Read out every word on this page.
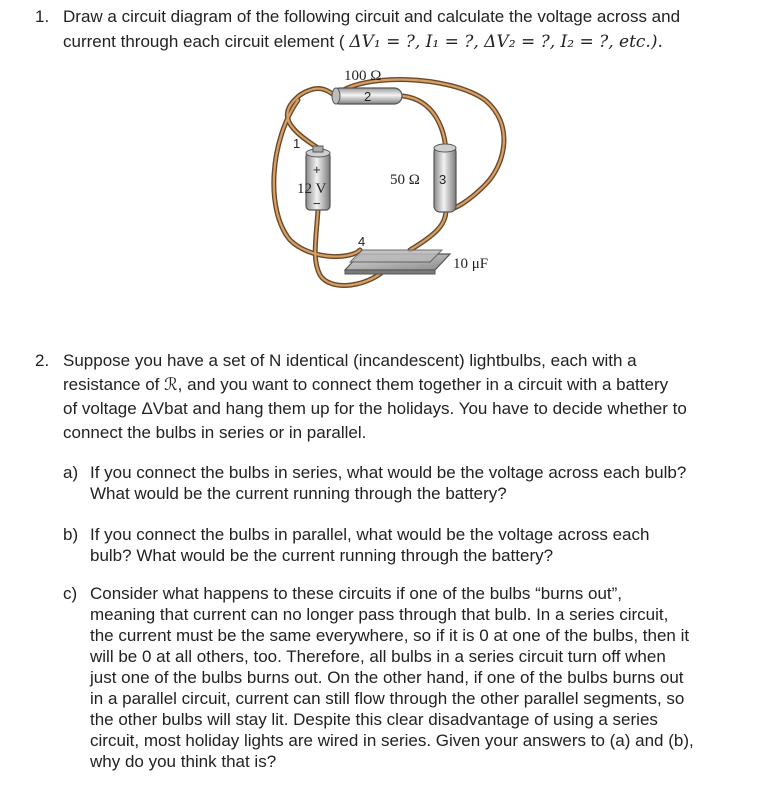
1. Draw a circuit diagram of the following circuit and calculate the voltage across and
current through each circuit element ( ΔV₁ = ?, I₁ = ?, ΔV₂ = ?, I₂ = ?, etc.).
100 Ω
2
1
+
12 V
−
50 Ω 3
4
10 μF
2. Suppose you have a set of N identical (incandescent) lightbulbs, each with a
resistance of ℛ, and you want to connect them together in a circuit with a battery
of voltage ΔVbat and hang them up for the holidays. You have to decide whether to
connect the bulbs in series or in parallel.
a) If you connect the bulbs in series, what would be the voltage across each bulb?
What would be the current running through the battery?
b) If you connect the bulbs in parallel, what would be the voltage across each
bulb? What would be the current running through the battery?
c) Consider what happens to these circuits if one of the bulbs “burns out”,
meaning that current can no longer pass through that bulb. In a series circuit,
the current must be the same everywhere, so if it is 0 at one of the bulbs, then it
will be 0 at all others, too. Therefore, all bulbs in a series circuit turn off when
just one of the bulbs burns out. On the other hand, if one of the bulbs burns out
in a parallel circuit, current can still flow through the other parallel segments, so
the other bulbs will stay lit. Despite this clear disadvantage of using a series
circuit, most holiday lights are wired in series. Given your answers to (a) and (b),
why do you think that is?
